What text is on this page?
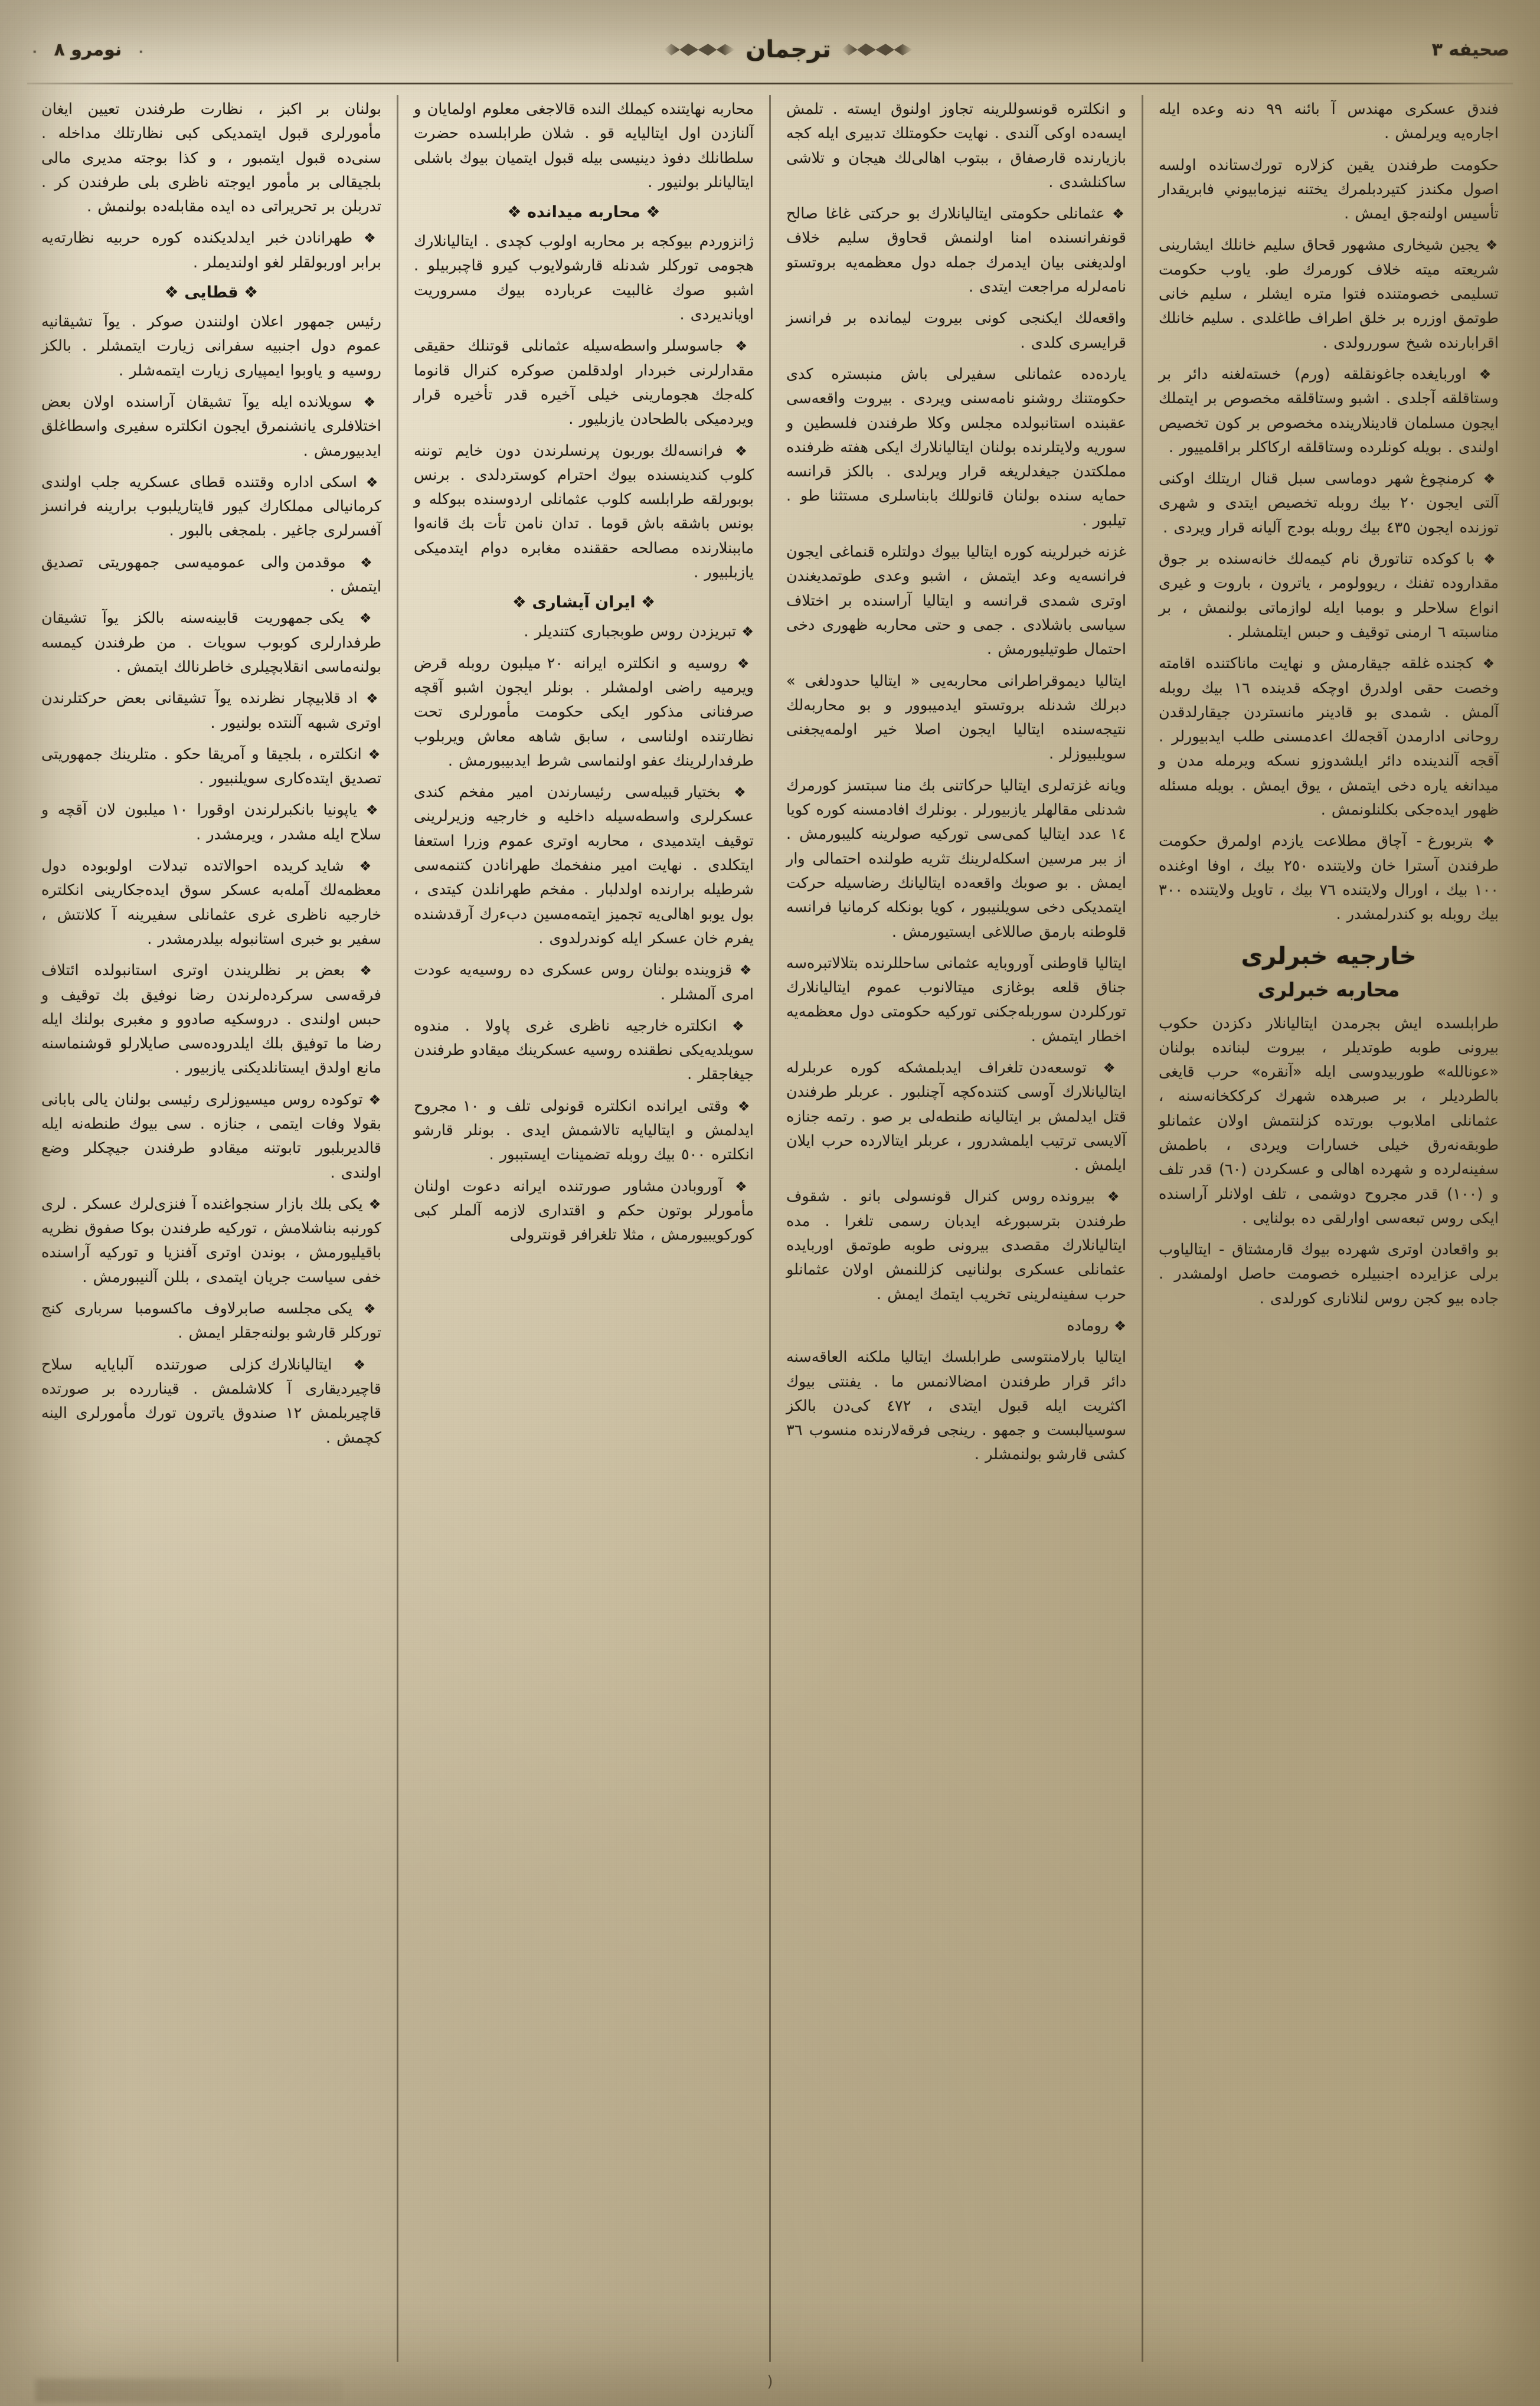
صحيفه ٣
ترجمان
٠
نومرو ٨
٠
فندق عسكرى مهندس آ بائنه ٩٩ دنه وعده ايله اجاره‌يه ويرلمش .
حكومت طرفندن يقين كزلاره تورك‌ستانده اولسه اصول مكندز كتيردبلمرك يختنه نيزمابيوني فابريقدار تأسيس اولنه‌جق ايمش .
❖ يجين شيخارى مشهور قحاق سليم خانلك ايشارينى شريعته ميته خلاف كورمرك طو. ياوب حكومت تسليمى خصومتنده فتوا متره ايشلر ، سليم خانى طوتمق اوزره بر خلق اطراف طاغلدى . سليم خانلك اقرابارنده شيخ سوررولدى .
❖ اوربايغده جاغونقلقه (ورم) خسته‌لغنه دائر بر وستاقلقه آجلدى . اشبو وستاقلقه مخصوص بر ايتملك ايجون مسلمان قادينلارينده مخصوص بر كون تخصيص اولندى . بويله كونلرده وستاقلقه اركاكلر براقلمييور .
❖ كرمنچوغ شهر دوماسى سبل قنال اريتلك اوكنى آلتى ايجون ٢٠ بيك روبله تخصيص ايتدى و شهرى توزنده ايجون ٤٣٥ بيك روبله بودج آليانه قرار ويردى .
❖ با كوكده تناتورق نام كيمه‌لك خانه‌سنده بر جوق مقداروده تفنك ، ريوولومر ، ياترون ، باروت و غيرى انواع سلاحلر و بومبا ايله لوازماتى بولنمش ، بر مناسبته ٦ ارمنى توقيف و حبس ايتلمشلر .
❖ كجنده غلقه جيقارمش و نهايت ماناكتنده اقامته وخصت حقى اولدرق اوچكه قدينده ١٦ بيك روبله آلمش . شمدى بو قادينر مانستردن جيقارلدقدن روحانى ادارمدن آقجه‌لك اعدمسنى طلب ايدبيورلر . آقجه آلندينده دائر ايلشدوزو نسكه ويرمله مدن و ميدانغه ياره دخى ايتمش ، يوق ايمش . بويله مسئله ظهور ايده‌جكى بكلنلونمش .
❖ بتربورغ - آچاق مطلاعت يازدم اولمرق حكومت طرفندن آسترا خان ولايتنده ٢٥٠ بيك ، اوفا اوغنده ١٠٠ بيك ، اورال ولايتنده ٧٦ بيك ، تاويل ولايتنده ٣٠٠ بيك روبله بو كندرلمشدر .
خارجيه خبرلرى
محاربه خبرلرى
طرابلسده ايش بجرمدن ايتاليانلار دكزدن حكوب بيرونى طوبه طوتديلر ، بيروت لبنانده بولنان «عونالله» طوربيدوسى ايله «آنقره» حرب قايغى بالطرديلر ، بر صبرهده شهرك كرككخانه‌سنه ، عثمانلى املابوب بورتده كزلنتمش اولان عثمانلو طوبقه‌نه‌رق خيلى خسارات ويردى ، باطمش سفينه‌لرده و شهرده اهالى و عسكردن (٦٠) قدر تلف و (١٠٠) قدر مجروح دوشمى ، تلف اولانلر آراسنده ايكى روس تبعه‌سى اوارلقى ده بولنايى .
بو واقعادن اوترى شهرده بيوك قارمشتاق - ايتالياوب برلى عزايرده اجنبيلره خصومت حاصل اولمشدر . جاده بيو كجن روس لنلانارى كورلدى .
و انكلتره قونسوللرينه تجاوز اولنوق ايسته . تلمش ايسه‌ده اوكى آلندى . نهايت حكومتلك تدبيرى ايله كجه بازيارنده قارصفاق ، ببتوب اهالى‌لك هيجان و تلاشى ساكنلشدى .
❖ عثمانلى حكومتى ايتاليانلارك بو حركتى غاغا صالح قونفرانسنده امنا اولنمش قحاوق سليم خلاف اولديغنى بيان ايدمرك جمله دول معظمه‌يه بروتستو نامه‌لرله مراجعت ايتدى .
واقعه‌لك ايكنجى كونى بيروت ليمانده بر فرانسز قرايسرى كلدى .
يارده‌ده عثمانلى سفيرلى باش منبستره كدى حكومتنك روشنو نامه‌سنى ويردى . بيروت واقعه‌سى عقبنده استانبولده مجلس وكلا طرفندن فلسطين و سوريه ولايتلرنده بولنان ايتاليانلارك ايكى هفته ظرفنده مملكتدن جيغدلريغه قرار ويرلدى . بالكز قرانسه حمايه سنده بولنان قانوللك بابناسلرى مستثنا طو . تيلبور .
غزنه خبرلرينه كوره ايتاليا بيوك دولتلره قنماغى ايجون فرانسه‌يه وعد ايتمش ، اشبو وعدى طوتمديغندن اوترى شمدى قرانسه و ايتاليا آراسنده بر اختلاف سياسى باشلادى . جمى و حتى محاربه ظهورى دخى احتمال طوتيليورمش .
ايتاليا ديموقراطرانى محاربه‌يى « ايتاليا حدودلغى » دبرلك شدنله بروتستو ايدميبوور و بو محاربه‌لك نتيجه‌سنده ايتاليا ايجون اصلا خير اولمه‌يجغنى سويلبيوزلر .
ويانه غزته‌لرى ايتاليا حركاتنى بك منا سبتسز كورمرك شدنلى مقالهلر يازبيورلر . بونلرك افادمسنه كوره كويا ١٤ عدد ايتاليا كمى‌سى توركيه صولرينه كليبورمش . از ببر مرسين اسكله‌لرينك تثريه طولنده احتمالى وار ايمش . بو صوبك واقعه‌ده ايتاليانك رضاسيله حركت ايتمديكى دخى سويلنيبور ، كويا بونكله كرمانيا فرانسه قلوطنه بارمق صاللاغى ايستيورمش .
ايتاليا قاوطنى آوروبايه عثمانى ساحللرنده بتلالاتبره‌سه جناق قلعه بوغازى ميتالانوب عموم ايتاليانلارك توركلردن سوربله‌جكنى توركيه حكومتى دول معظمه‌يه اخطار ايتمش .
❖ توسعه‌دن تلغراف ايدبلمشكه كوره عربلرله ايتاليانلارك آوسى كتنده‌كچه آچنلبور . عربلر طرفندن قتل ايدلمش بر ايتاليانه طنطه‌لى بر صو . رتمه جنازه آلايسى ترتيب ايلمشدرور ، عربلر ايتالارده حرب ايلان ايلمش .
❖ بيرونده روس كنرال قونسولى بانو . شقوف طرفندن بترسبورغه ايدبان رسمى تلغرا . مده ايتاليانلارك مقصدى بيرونى طوبه طوتمق اوربايده عثمانلى عسكرى بولنانيى كزللنمش اولان عثمانلو حرب سفينه‌لرينى تخريب ايتمك ايمش .
❖ روماده
ايتاليا بارلامنتوسى طرابلسك ايتاليا ملكنه العاقه‌سنه دائر قرار طرفندن امضالانمس ما . يفنتى بيوك اكثريت ايله قبول ايتدى ، ٤٧٢ كى‌دن بالكز سوسيالبست و جمهو . رينجى فرقه‌لارنده منسوب ٣٦ كشى قارشو بولنمشلر .
محاربه نهايتنده كيملك النده قالاجغى معلوم اولمايان و آلنازدن اول ايتاليايه قو . شلان طرابلسده حضرت سلطانلك دفوذ دينيسى بيله قبول ايتميان بيوك باشلى ايتاليانلر بولنيور .
❖ محاربه ميدانده ❖
ژانزوردم بيوكجه بر محاربه اولوب كچدى . ايتاليانلارك هجومى توركلر شدنله قارشولايوب كيرو قاچبربيلو . اشبو صوك غالبيت عربارده بيوك مسروريت اويانديردى .
❖ جاسوسلر واسطه‌سيله عثمانلى قوتنلك حقيقى مقدارلرنى خبردار اولدقلمن صوكره كنرال قانوما كله‌جك هجومارينى خيلى آخيره قدر تأخيره قرار ويردميكى بالطحادن يازبليور .
❖ فرانسه‌لك بوربون پرنسلرندن دون خايم توننه كلوب كندينسنده بيوك احترام كوستردلدى . برنس بوبورلقه طرابلسه كلوب عثمانلى اردوسنده ببوكله و بونس باشقه باش قوما . تدان نامن تأت بك قانه‌وا ماببنلارنده مصالحه حققنده مغابره دوام ايتدميكى يازبلبيور .
❖ ايران آيشارى ❖
❖ تبريزدن روس طوبجبارى كتنديلر .
❖ روسيه و انكلتره ايرانه ٢٠ ميلبون روبله قرض ويرميه راضى اولمشلر . بونلر ايجون اشبو آقچه صرفنانى مذكور ايكى حكومت مأمورلرى تحت نظارتنده اولناسى ، سابق شاهه معاش ويربلوب طرفدارلرينك عفو اولنماسى شرط ايدبيبورمش .
❖ بختيار قبيله‌سى رئيسارندن امير مفخم كندى عسكرلرى واسطه‌سيله داخليه و خارجيه وزيرلرينى توقيف ايتدميدى ، محاربه اوترى عموم وزرا استعفا ايتكلدى . نهايت امير منفخمك طهرانادن كتنمه‌سى شرطيله برارنده اولدلبار . مفخم طهرانلدن كيتدى ، بول يوبو اهالى‌يه تجميز ايتمه‌مسين دبءرك آرقدشنده يفرم خان عسكر ايله كوندرلدوى .
❖ قزوينده بولنان روس عسكرى ده روسيه‌يه عودت امرى آلمشلر .
❖ انكلتره خارجيه ناظرى غرى پاولا . مندوه سويلديه‌يكى نطقنده روسيه عسكرينك ميقادو طرفندن جيغاجقلر .
❖ وقتى ايرانده انكلتره قونولى تلف و ١٠ مجروح ايدلمش و ايتاليايه تالاشمش ايدى . بونلر قارشو انكلتره ٥٠٠ بيك روبله تضمينات ايستببور .
❖ آوروبادن مشاور صورتنده ايرانه دعوت اولنان مأمورلر بوتون حكم و اقتدارى لازمه آلملر كبى كوركويبيورمش ، مثلا تلغرافر قونترولى
بولنان بر اكبز ، نظارت طرفندن تعيين ايغان مأمورلرى قبول ايتمديكى كبى نظارتلك مداخله . سنى‌ده قبول ايتمبور ، و كذا بوجته مديرى مالى بلجيقالى بر مأمور ايوجته ناظرى بلى طرفندن كر . تدربلن بر تحريراتى ده ايده مقابله‌ده بولنمش .
❖ طهرانادن خبر ايدلديكنده كوره حربيه نظارته‌يه برابر اوربولقلر لغو اولنديملر .
❖ قطايى ❖
رئيس جمهور اعلان اولنندن صوكر . يوآ تشيقانيه عموم دول اجنبيه سفرانى زيارت ايتمشلر . بالكز روسيه و ياوبوا ايمپيارى زيارت ايتمه‌شلر .
❖ سويلانده ايله يوآ تشيقان آراسنده اولان بعض اختلافلرى يانشنمرق ايجون انكلتره سفيرى واسطاغلق ايدبيورمش .
❖ اسكى اداره وقتنده قطاى عسكريه جلب اولندى كرمانيالى مملكارك كيور قايتاريلبوب برارينه فرانسز آفسرلرى جاغير . بلمجغى بالبور .
❖ موقدمن والى عموميه‌سى جمهوريتى تصديق ايتمش .
❖ يكى جمهوريت قابينه‌سنه بالكز يوآ تشيقان طرفدارلرى كوبوب سويات . من طرفندن كيمسه بولنه‌ماسى انقلابچيلرى خاطرنالك ايتمش .
❖ اد قلابيچار نظرنده يوآ تشيقانى بعض حركتلرندن اوترى شبهه آلنتده بولنيور .
❖ انكلتره ، بلجيقا و آمريقا حكو . متلرينك جمهوريتى تصديق ايتده‌كارى سويلنبيور .
❖ ياپونيا بانكبرلرندن اوقورا ١٠ ميلبون لان آقچه و سلاح ايله مشدر ، ويرمشدر .
❖ شايد كريده احوالاتده تبدلات اولوبوده دول معظمه‌لك آمله‌به عسكر سوق ايده‌جكارينى انكلتره خارجيه ناظرى غرى عثمانلى سفيرينه آ كلانتش ، سفير بو خبرى استانبوله بيلدرمشدر .
❖ بعض بر نظلريندن اوترى استانبولده ائتلاف فرقه‌سى سركرده‌لرندن رضا نوفيق بك توقيف و حبس اولندى . دروسكيه صادوو و مغبرى بولنك ايله رضا ما توفيق بلك ايلدروده‌سى صايلارلو قوشنماسنه مانع اولدق ايستانلديكنى يازبيور .
❖ توكوده روس ميسيوزلرى رئيسى بولنان يالى بابانى بقولا وفات ايتمى ، جنازه . سى بيوك طنطه‌نه ايله قالديربلبور تابوتنه ميقادو طرفندن جيچكلر وضع اولندى .
❖ يكى بلك بازار سنجواغنده آ فنزى‌لرك عسكر . لرى كورنبه بناشلامش ، توركيه طرفندن بوكا صفوق نظريه باقيليورمش ، بوندن اوترى آفنزيا و توركيه آراسنده خفى سياست جريان ايتمدى ، بللن آلنيبورمش .
❖ يكى مجلسه صابرلاوف ماكسومبا سربارى كنج توركلر قارشو بولنه‌جقلر ايمش .
❖ ايتاليانلارك كزلى صورتنده آلبايايه سلاح قاچيرديقارى آ كلاشلمش . قيناررده بر صورتده قاچيربلمش ١٢ صندوق ياترون تورك مأمورلرى الينه كچمش .
(
